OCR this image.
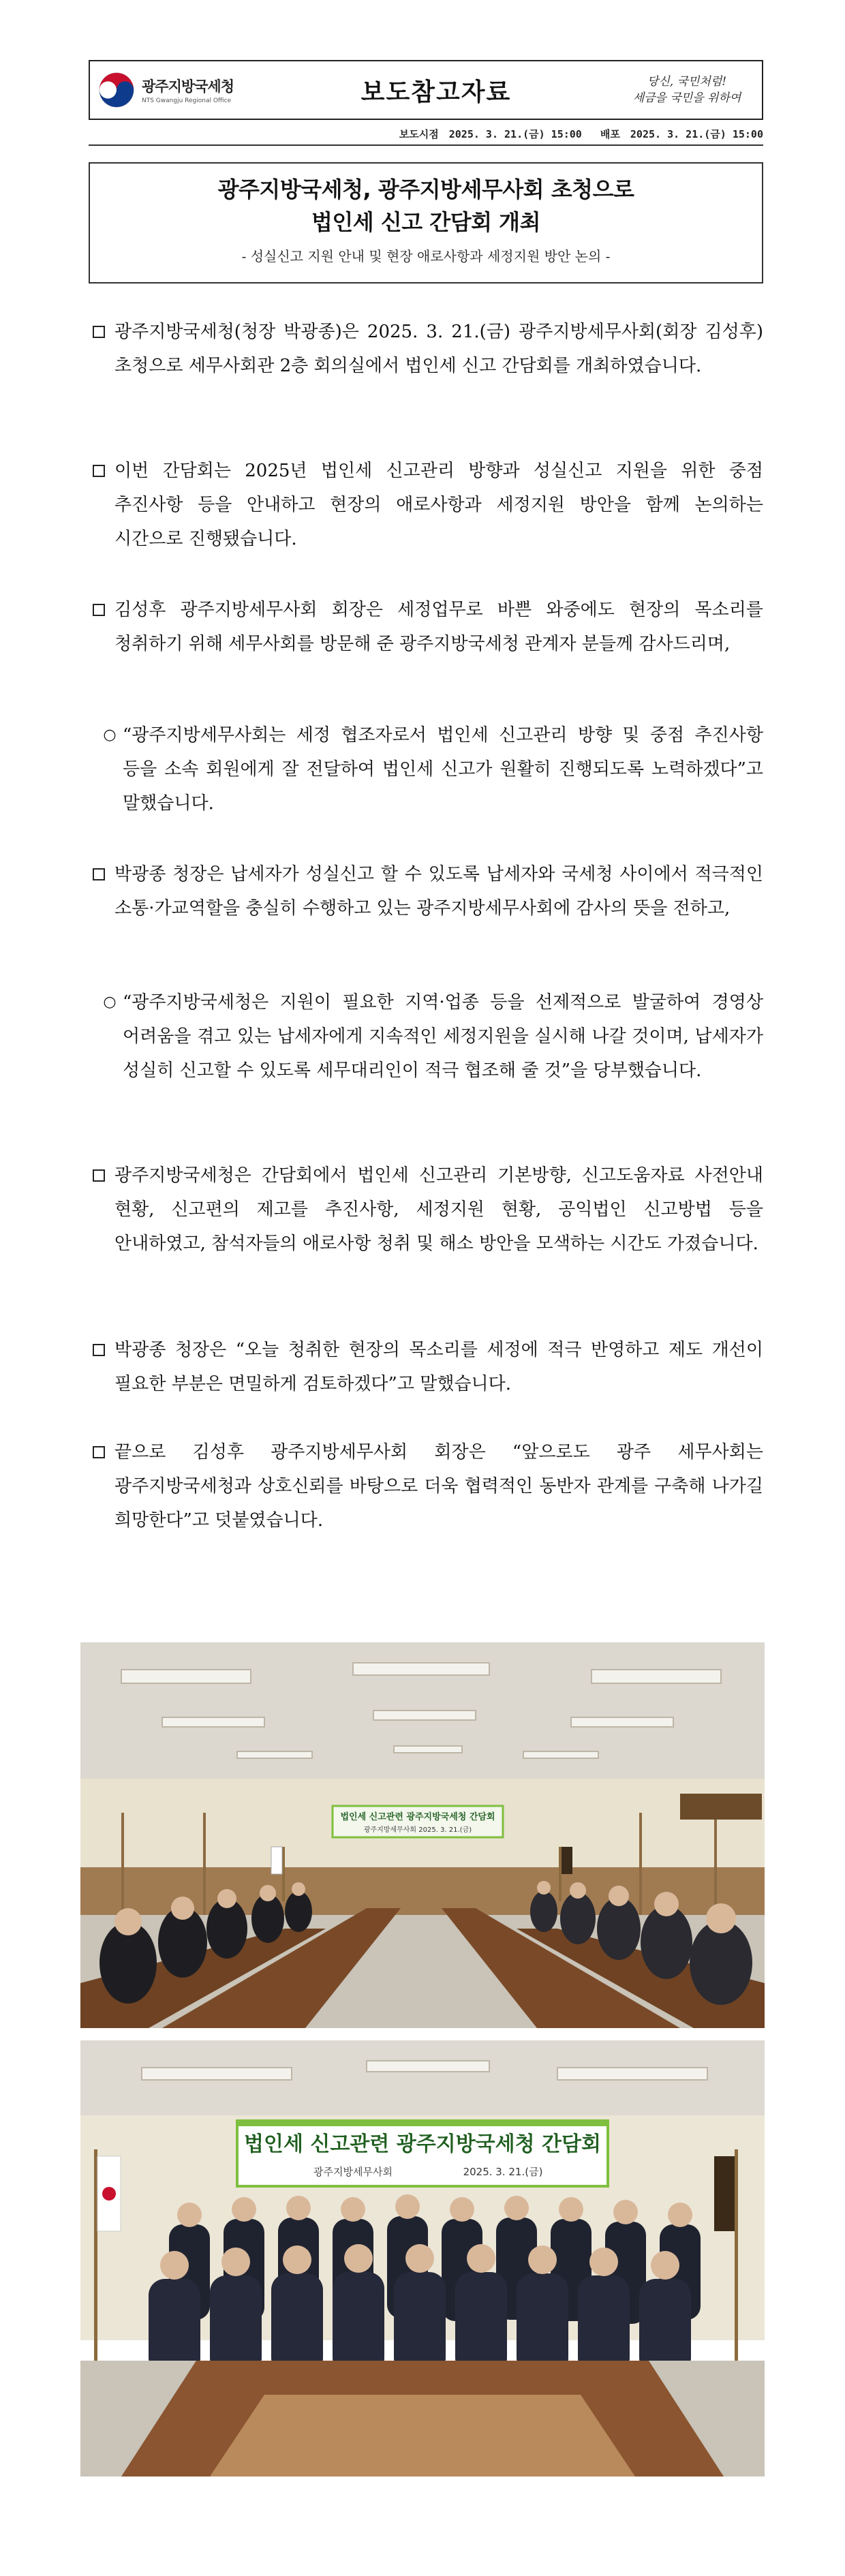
광주지방국세청
NTS Gwangju Regional Office	보도참고자료	당신, 국민처럼!
세금을 국민을 위하여
보도시점 2025. 3. 21.(금) 15:00 배포 2025. 3. 21.(금) 15:00
광주지방국세청, 광주지방세무사회 초청으로
법인세 신고 간담회 개최
- 성실신고 지원 안내 및 현장 애로사항과 세정지원 방안 논의 -
광주지방국세청(청장 박광종)은 2025. 3. 21.(금) 광주지방세무사회(회장 김성후) 초청으로 세무사회관 2층 회의실에서 법인세 신고 간담회를 개최하였습니다.
이번 간담회는 2025년 법인세 신고관리 방향과 성실신고 지원을 위한 중점 추진사항 등을 안내하고 현장의 애로사항과 세정지원 방안을 함께 논의하는 시간으로 진행됐습니다.
김성후 광주지방세무사회 회장은 세정업무로 바쁜 와중에도 현장의 목소리를 청취하기 위해 세무사회를 방문해 준 광주지방국세청 관계자 분들께 감사드리며,
○ “광주지방세무사회는 세정 협조자로서 법인세 신고관리 방향 및 중점 추진사항 등을 소속 회원에게 잘 전달하여 법인세 신고가 원활히 진행되도록 노력하겠다”고 말했습니다.
박광종 청장은 납세자가 성실신고 할 수 있도록 납세자와 국세청 사이에서 적극적인 소통·가교역할을 충실히 수행하고 있는 광주지방세무사회에 감사의 뜻을 전하고,
○ “광주지방국세청은 지원이 필요한 지역·업종 등을 선제적으로 발굴하여 경영상 어려움을 겪고 있는 납세자에게 지속적인 세정지원을 실시해 나갈 것이며, 납세자가 성실히 신고할 수 있도록 세무대리인이 적극 협조해 줄 것”을 당부했습니다.
광주지방국세청은 간담회에서 법인세 신고관리 기본방향, 신고도움자료 사전안내 현황, 신고편의 제고를 추진사항, 세정지원 현황, 공익법인 신고방법 등을 안내하였고, 참석자들의 애로사항 청취 및 해소 방안을 모색하는 시간도 가졌습니다.
박광종 청장은 “오늘 청취한 현장의 목소리를 세정에 적극 반영하고 제도 개선이 필요한 부분은 면밀하게 검토하겠다”고 말했습니다.
끝으로 김성후 광주지방세무사회 회장은 “앞으로도 광주 세무사회는 광주지방국세청과 상호신뢰를 바탕으로 더욱 협력적인 동반자 관계를 구축해 나가길 희망한다”고 덧붙였습니다.
법인세 신고관련 광주지방국세청 간담회
광주지방세무사회 2025. 3. 21.(금)
법인세 신고관련 광주지방국세청 간담회
광주지방세무사회	2025. 3. 21.(금)
